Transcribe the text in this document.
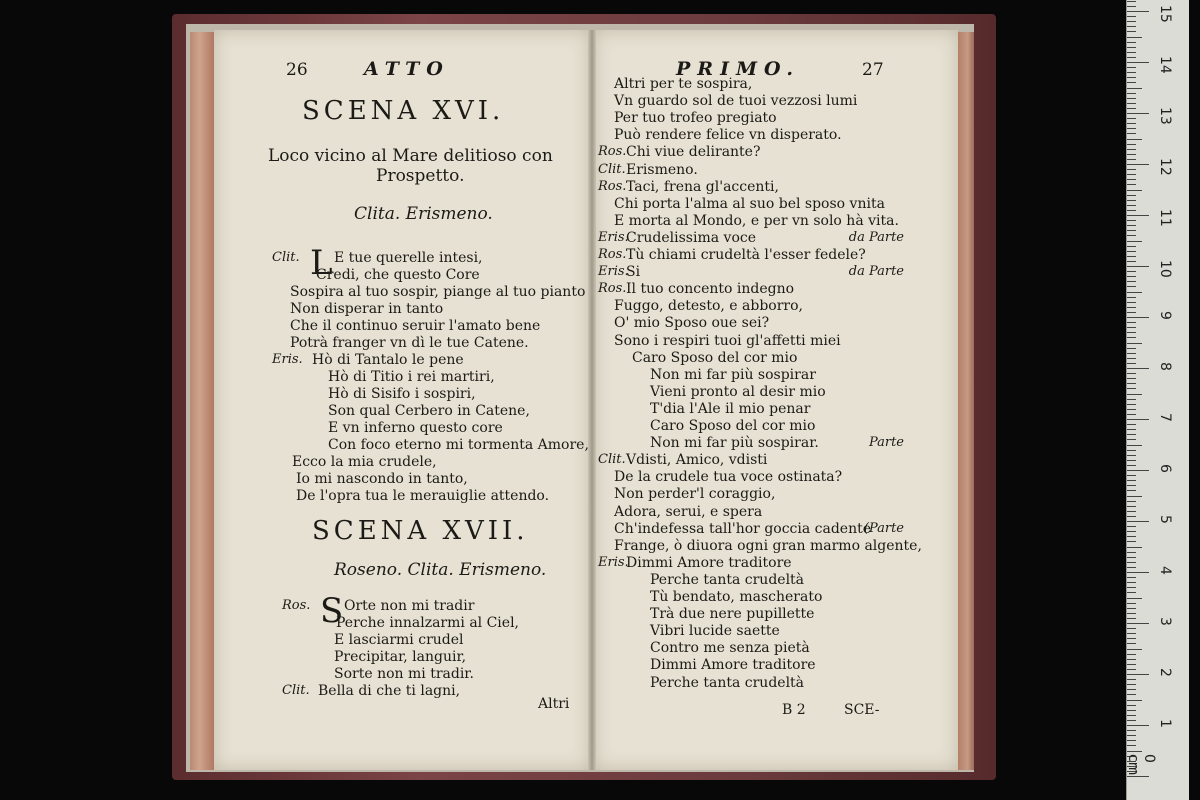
26	ATTO
SCENA XVI.
Loco vicino al Mare delitioso con
Prospetto.
Clita. Erismeno.
Clit. L E tue querelle intesi,
Credi, che questo Core
Sospira al tuo sospir, piange al tuo pianto
Non disperar in tanto
Che il continuo seruir l'amato bene
Potrà franger vn dì le tue Catene.
Eris. Hò di Tantalo le pene
Hò di Titio i rei martiri,
Hò di Sisifo i sospiri,
Son qual Cerbero in Catene,
E vn inferno questo core
Con foco eterno mi tormenta Amore,
Ecco la mia crudele,
Io mi nascondo in tanto,
De l'opra tua le merauiglie attendo.
SCENA XVII.
Roseno. Clita. Erismeno.
Ros. S Orte non mi tradir
Perche innalzarmi al Ciel,
E lasciarmi crudel
Precipitar, languir,
Sorte non mi tradir.
Clit. Bella di che ti lagni,
Altri
PRIMO.	27
Altri per te sospira,
Vn guardo sol de tuoi vezzosi lumi
Per tuo trofeo pregiato
Può rendere felice vn disperato.
Ros. Chi viue delirante?
Clit. Erismeno.
Ros. Taci, frena gl'accenti,
Chi porta l'alma al suo bel sposo vnita
E morta al Mondo, e per vn solo hà vita.
Eris.
Crudelissima voce	da Parte
Ros. Tù chiami crudeltà l'esser fedele?
Eris.
Si	da Parte
Ros. Il tuo concento indegno
Fuggo, detesto, e abborro,
O' mio Sposo oue sei?
Sono i respiri tuoi gl'affetti miei
Caro Sposo del cor mio
Non mi far più sospirar
Vieni pronto al desir mio
T'dia l'Ale il mio penar
Caro Sposo del cor mio
Non mi far più sospirar.	Parte
Clit. Vdisti, Amico, vdisti
De la crudele tua voce ostinata?
Non perder'l coraggio,
Adora, serui, e spera
Ch'indefessa tall'hor goccia cadente
(Parte
Frange, ò diuora ogni gran marmo algente,
Eris.
Dimmi Amore traditore
Perche tanta crudeltà
Tù bendato, mascherato
Trà due nere pupillette
Vibri lucide saette
Contro me senza pietà
Dimmi Amore traditore
Perche tanta crudeltà
B 2	SCE-
1
2
3
4
5
6
7
8
9
10
11
12
13
14
15
0 cm
